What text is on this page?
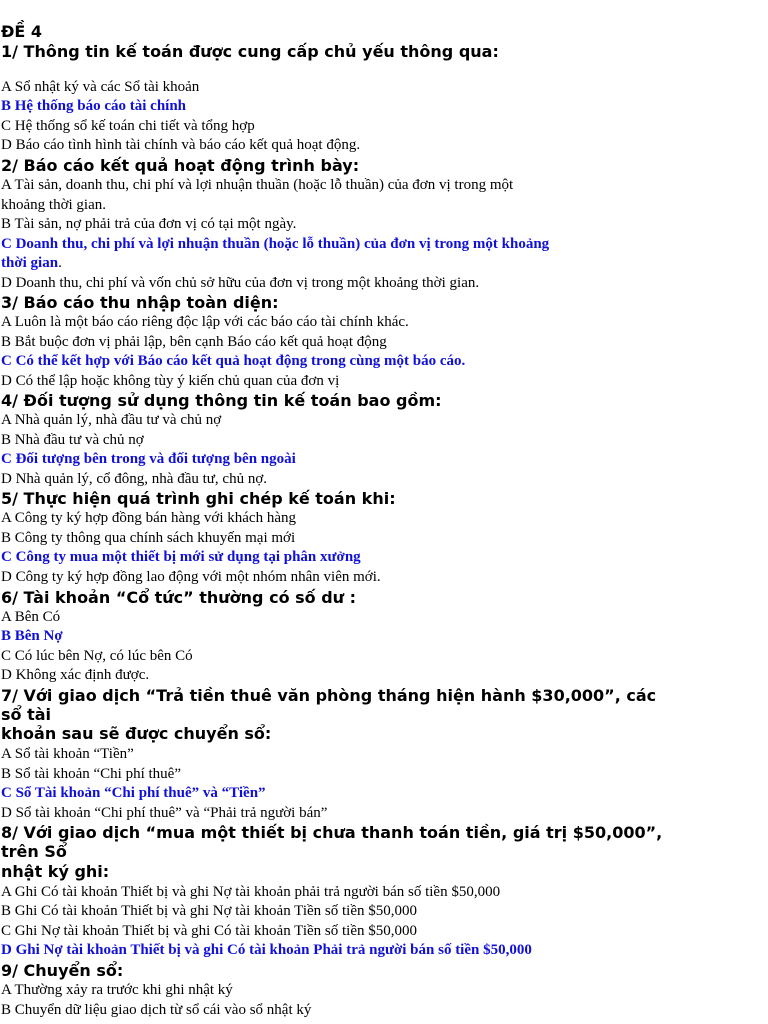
ĐỀ 4
1/ Thông tin kế toán được cung cấp chủ yếu thông qua:
A Sổ nhật ký và các Sổ tài khoản
B Hệ thống báo cáo tài chính
C Hệ thống sổ kế toán chi tiết và tổng hợp
D Báo cáo tình hình tài chính và báo cáo kết quả hoạt động.
2/ Báo cáo kết quả hoạt động trình bày:
A Tài sản, doanh thu, chi phí và lợi nhuận thuần (hoặc lỗ thuần) của đơn vị trong một
khoảng thời gian.
B Tài sản, nợ phải trả của đơn vị có tại một ngày.
C Doanh thu, chi phí và lợi nhuận thuần (hoặc lỗ thuần) của đơn vị trong một khoảng
thời gian.
D Doanh thu, chi phí và vốn chủ sở hữu của đơn vị trong một khoảng thời gian.
3/ Báo cáo thu nhập toàn diện:
A Luôn là một báo cáo riêng độc lập với các báo cáo tài chính khác.
B Bắt buộc đơn vị phải lập, bên cạnh Báo cáo kết quả hoạt động
C Có thể kết hợp với Báo cáo kết quả hoạt động trong cùng một báo cáo.
D Có thể lập hoặc không tùy ý kiến chủ quan của đơn vị
4/ Đối tượng sử dụng thông tin kế toán bao gồm:
A Nhà quản lý, nhà đầu tư và chủ nợ
B Nhà đầu tư và chủ nợ
C Đối tượng bên trong và đối tượng bên ngoài
D Nhà quản lý, cổ đông, nhà đầu tư, chủ nợ.
5/ Thực hiện quá trình ghi chép kế toán khi:
A Công ty ký hợp đồng bán hàng với khách hàng
B Công ty thông qua chính sách khuyến mại mới
C Công ty mua một thiết bị mới sử dụng tại phân xưởng
D Công ty ký hợp đồng lao động với một nhóm nhân viên mới.
6/ Tài khoản “Cổ tức” thường có số dư :
A Bên Có
B Bên Nợ
C Có lúc bên Nợ, có lúc bên Có
D Không xác định được.
7/ Với giao dịch “Trả tiền thuê văn phòng tháng hiện hành $30,000”, các
sổ tài
khoản sau sẽ được chuyển sổ:
A Sổ tài khoản “Tiền”
B Sổ tài khoản “Chi phí thuê”
C Sổ Tài khoản “Chi phí thuê” và “Tiền”
D Sổ tài khoản “Chi phí thuê” và “Phải trả người bán”
8/ Với giao dịch “mua một thiết bị chưa thanh toán tiền, giá trị $50,000”,
trên Sổ
nhật ký ghi:
A Ghi Có tài khoản Thiết bị và ghi Nợ tài khoản phải trả người bán số tiền $50,000
B Ghi Có tài khoản Thiết bị và ghi Nợ tài khoản Tiền số tiền $50,000
C Ghi Nợ tài khoản Thiết bị và ghi Có tài khoản Tiền số tiền $50,000
D Ghi Nợ tài khoản Thiết bị và ghi Có tài khoản Phải trả người bán số tiền $50,000
9/ Chuyển sổ:
A Thường xảy ra trước khi ghi nhật ký
B Chuyển dữ liệu giao dịch từ sổ cái vào sổ nhật ký
